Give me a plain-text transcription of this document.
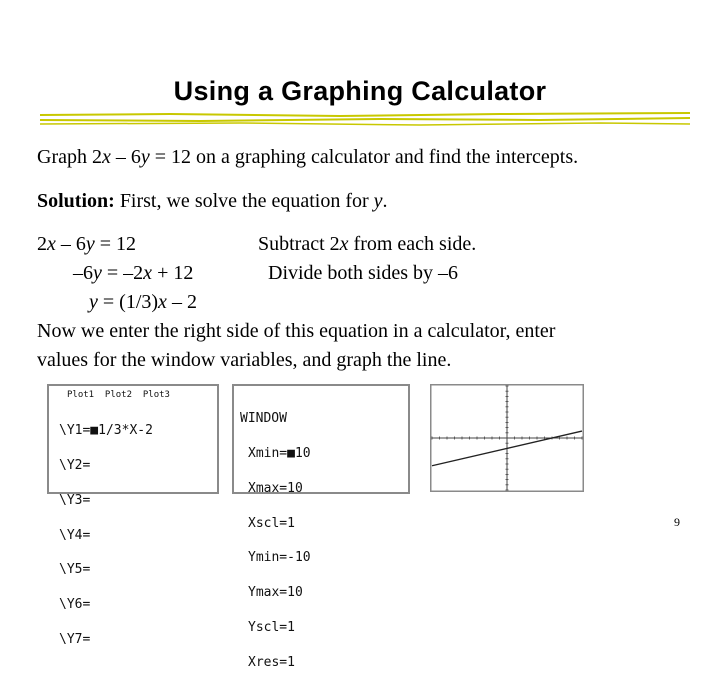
Using a Graphing Calculator
Graph 2x – 6y = 12 on a graphing calculator and find the intercepts.
Solution: First, we solve the equation for y.
2x – 6y = 12	Subtract 2x from each side.
–6y = –2x + 12	Divide both sides by –6
y = (1/3)x – 2
Now we enter the right side of this equation in a calculator, enter
values for the window variables, and graph the line.
Plot1  Plot2  Plot3

\Y1=■1/3*X-2

\Y2=

\Y3=

\Y4=

\Y5=

\Y6=

\Y7=

WINDOW

Xmin=■10

Xmax=10

Xscl=1

Ymin=-10

Ymax=10

Yscl=1

Xres=1

9
